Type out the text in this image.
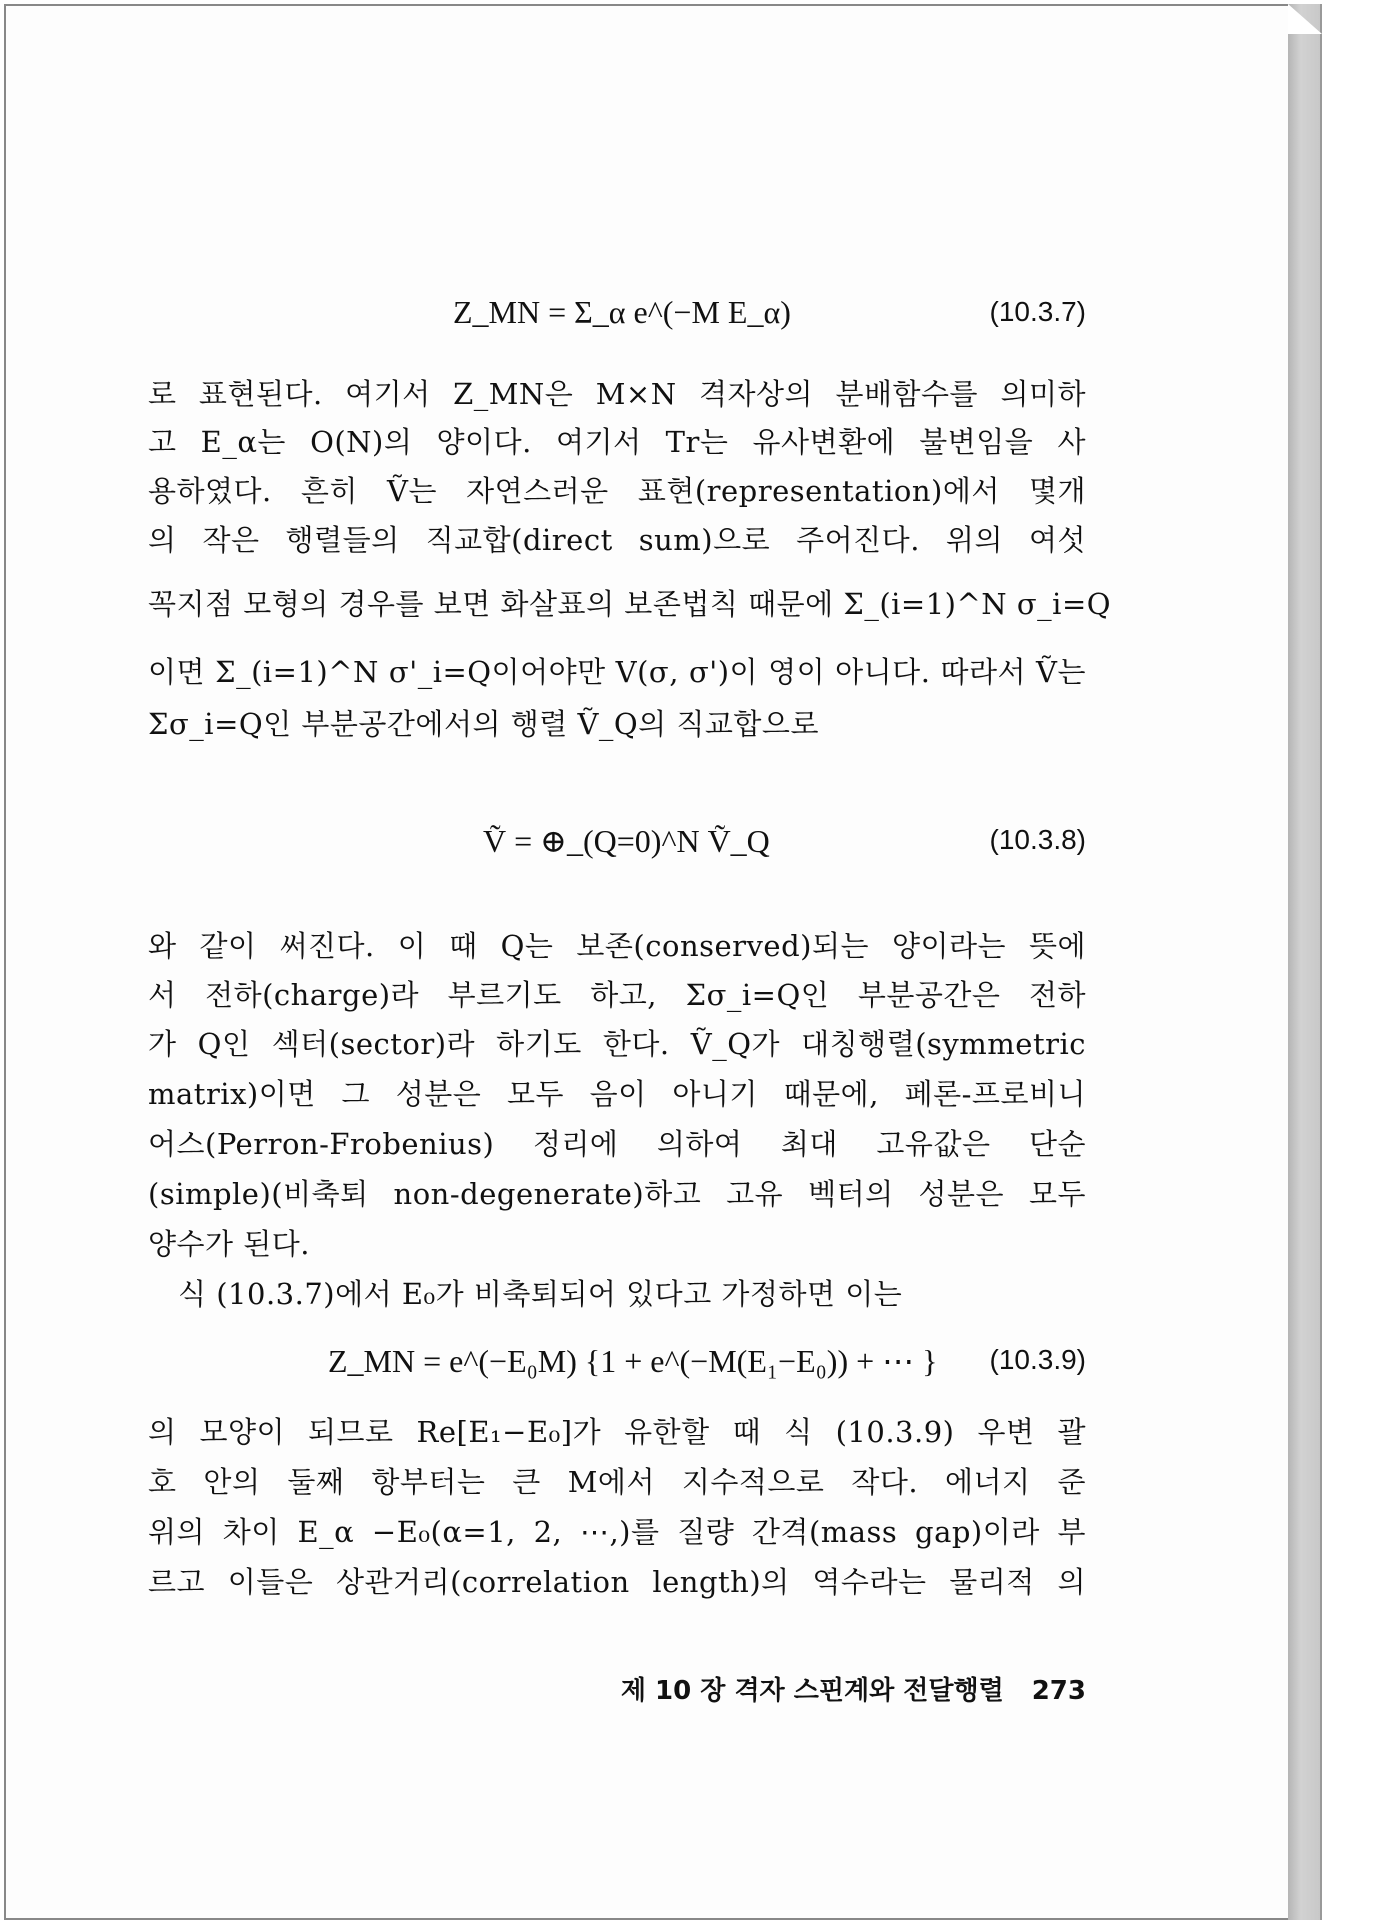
Z_MN = Σ_α e^(−M E_α)	(10.3.7)
로 표현된다. 여기서 Z_MN은 M×N 격자상의 분배함수를 의미하
고 E_α는 O(N)의 양이다. 여기서 Tr는 유사변환에 불변임을 사
용하였다. 흔히 Ṽ는 자연스러운 표현(representation)에서 몇개
의 작은 행렬들의 직교합(direct sum)으로 주어진다. 위의 여섯
꼭지점 모형의 경우를 보면 화살표의 보존법칙 때문에 Σ_(i=1)^N σ_i=Q
이면 Σ_(i=1)^N σ'_i=Q이어야만 V(σ, σ')이 영이 아니다. 따라서 Ṽ는
Σσ_i=Q인 부분공간에서의 행렬 Ṽ_Q의 직교합으로
Ṽ = ⊕_(Q=0)^N Ṽ_Q	(10.3.8)
와 같이 써진다. 이 때 Q는 보존(conserved)되는 양이라는 뜻에
서 전하(charge)라 부르기도 하고, Σσ_i=Q인 부분공간은 전하
가 Q인 섹터(sector)라 하기도 한다. Ṽ_Q가 대칭행렬(symmetric
matrix)이면 그 성분은 모두 음이 아니기 때문에, 페론-프로비니
어스(Perron-Frobenius) 정리에 의하여 최대 고유값은 단순
(simple)(비축퇴 non-degenerate)하고 고유 벡터의 성분은 모두
양수가 된다.
식 (10.3.7)에서 E₀가 비축퇴되어 있다고 가정하면 이는
Z_MN = e^(−E₀M) {1 + e^(−M(E₁−E₀)) + ⋯ } (10.3.9)
의 모양이 되므로 Re[E₁−E₀]가 유한할 때 식 (10.3.9) 우변 괄
호 안의 둘째 항부터는 큰 M에서 지수적으로 작다. 에너지 준
위의 차이 E_α −E₀(α=1, 2, ⋯,)를 질량 간격(mass gap)이라 부
르고 이들은 상관거리(correlation length)의 역수라는 물리적 의
제 10 장 격자 스핀계와 전달행렬 273
